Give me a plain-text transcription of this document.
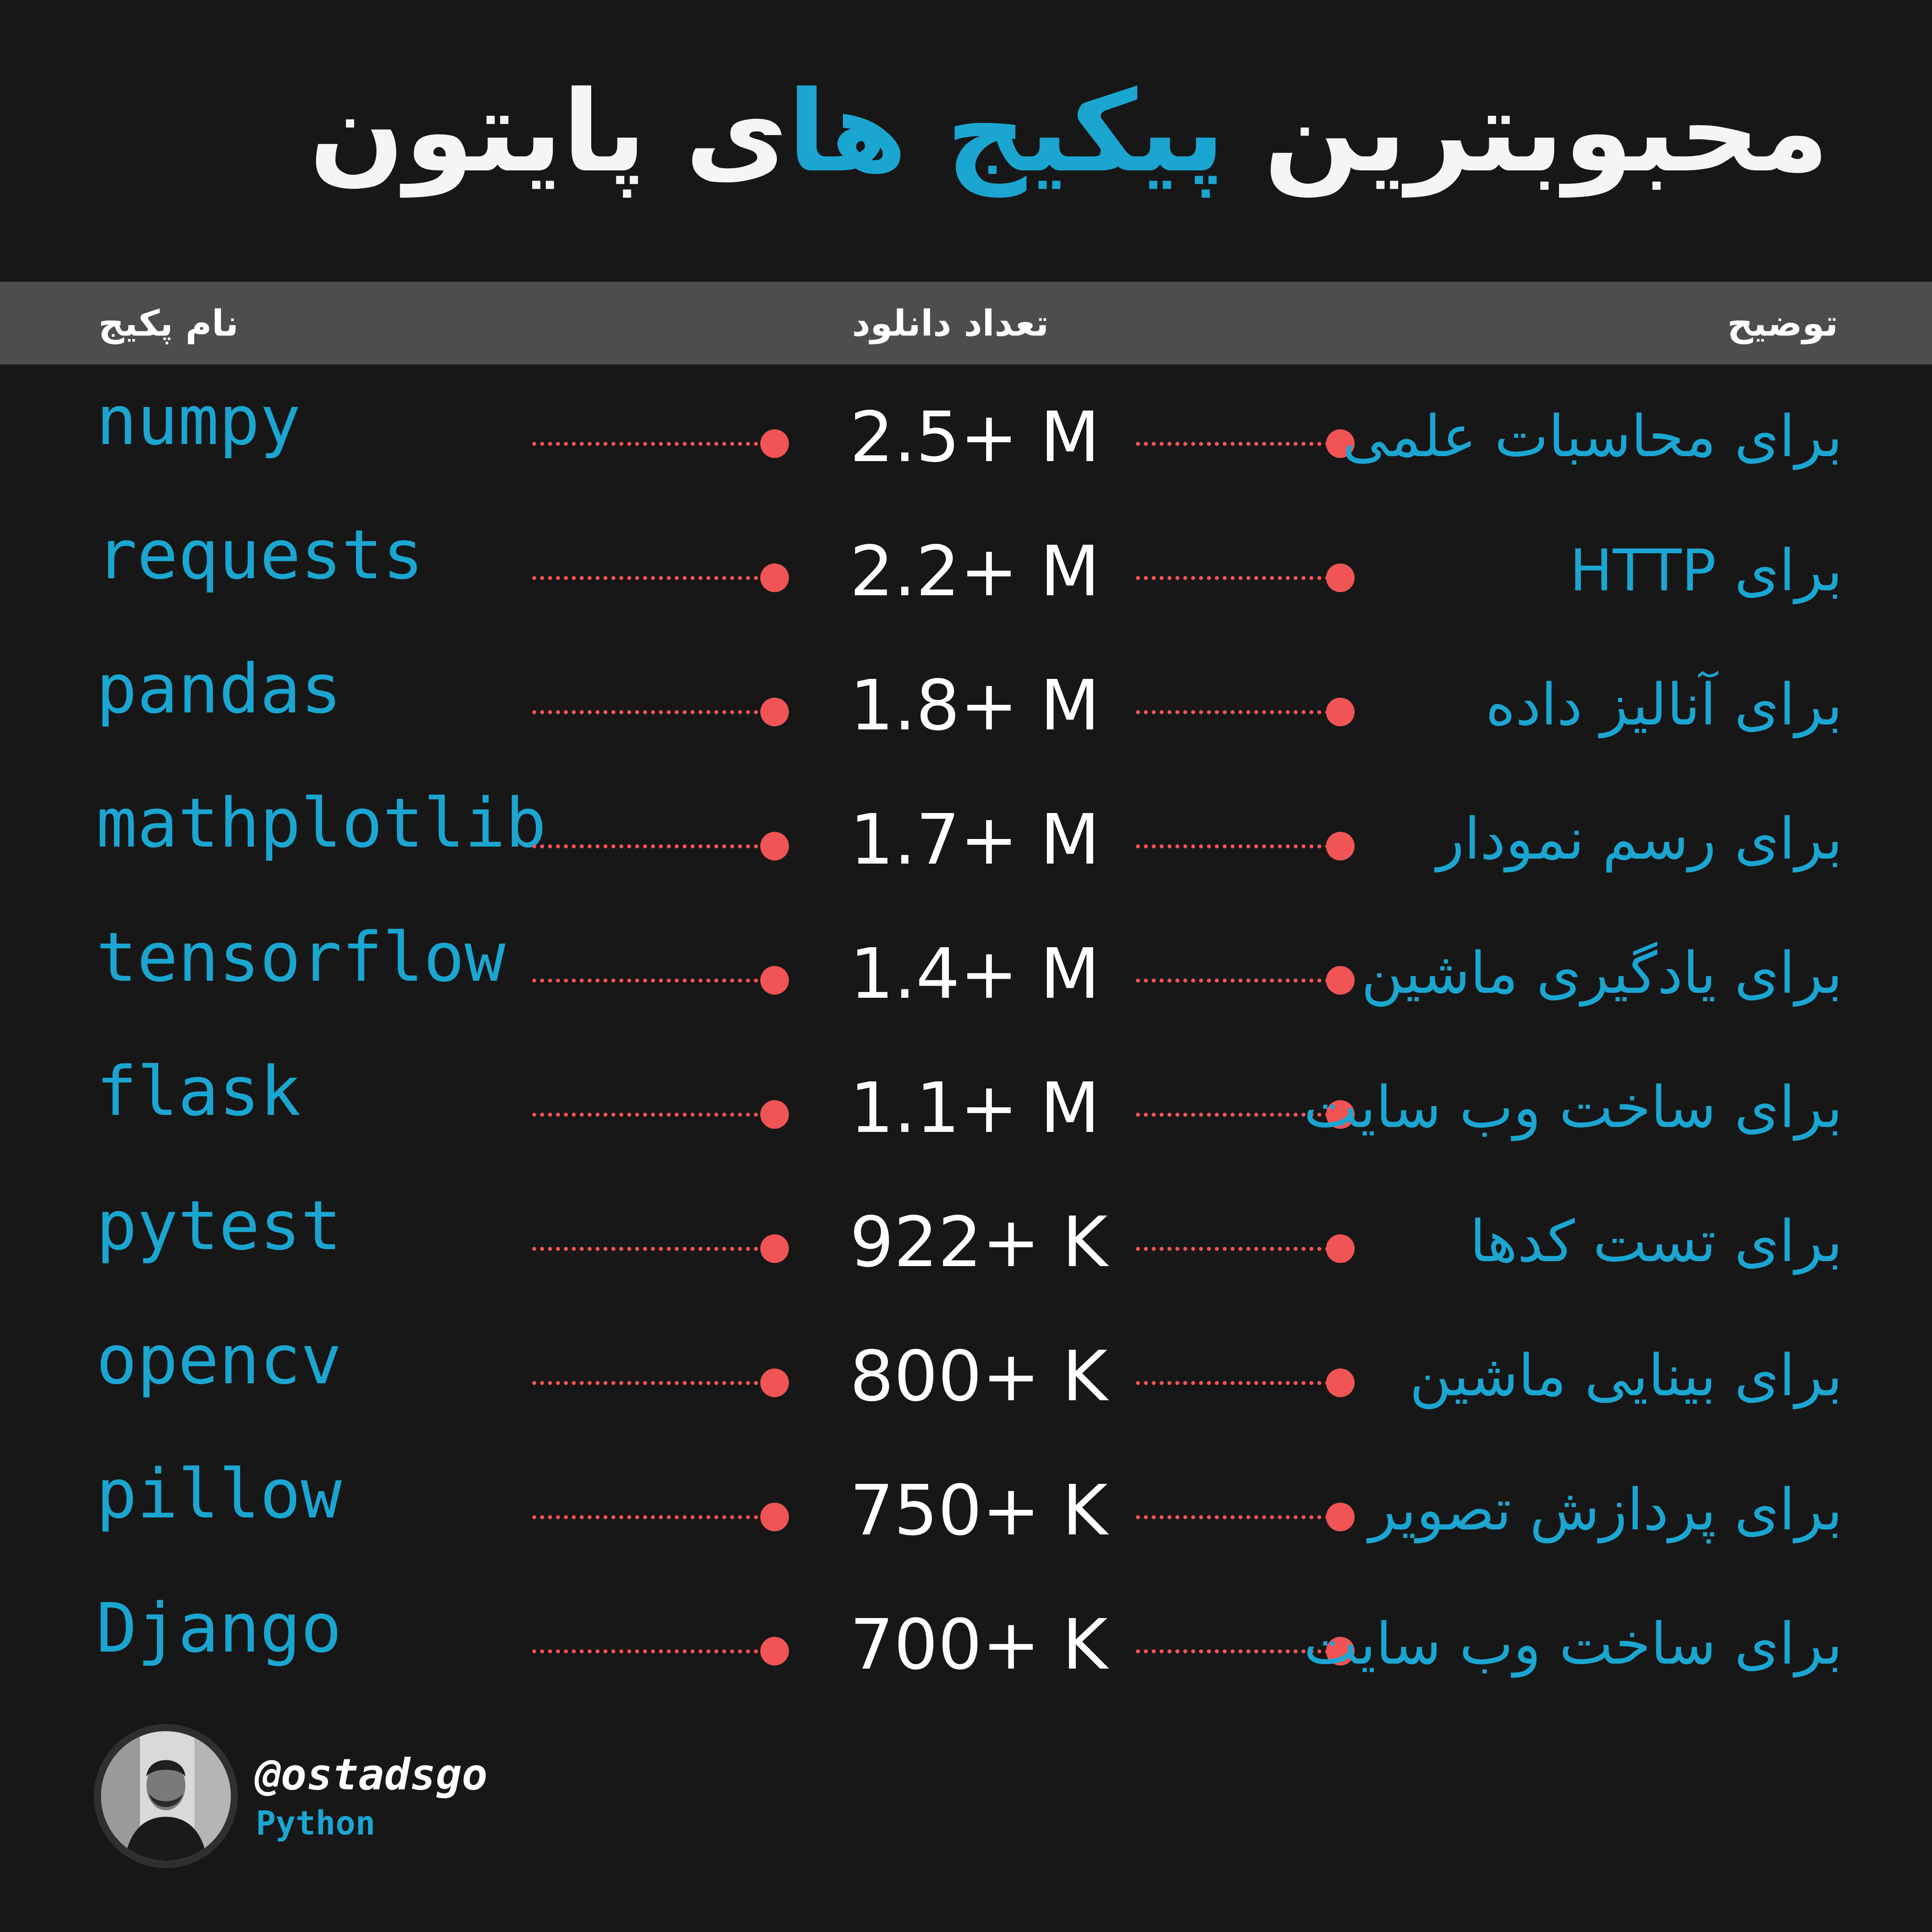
محبوبترین پیکیج های پایتون
نام پکیج	تعداد دانلود	توضیح
numpy	2.5+ M	برای محاسبات علمی
requests	2.2+ M	برای HTTP
pandas	1.8+ M	برای آنالیز داده
mathplotlib	1.7+ M	برای رسم نمودار
tensorflow	1.4+ M	برای یادگیری ماشین
flask	1.1+ M	برای ساخت وب سایت
pytest	922+ K	برای تست کدها
opencv	800+ K	برای بینایی ماشین
pillow	750+ K	برای پردازش تصویر
Django	700+ K	برای ساخت وب سایت
@ostadsgo
Python
